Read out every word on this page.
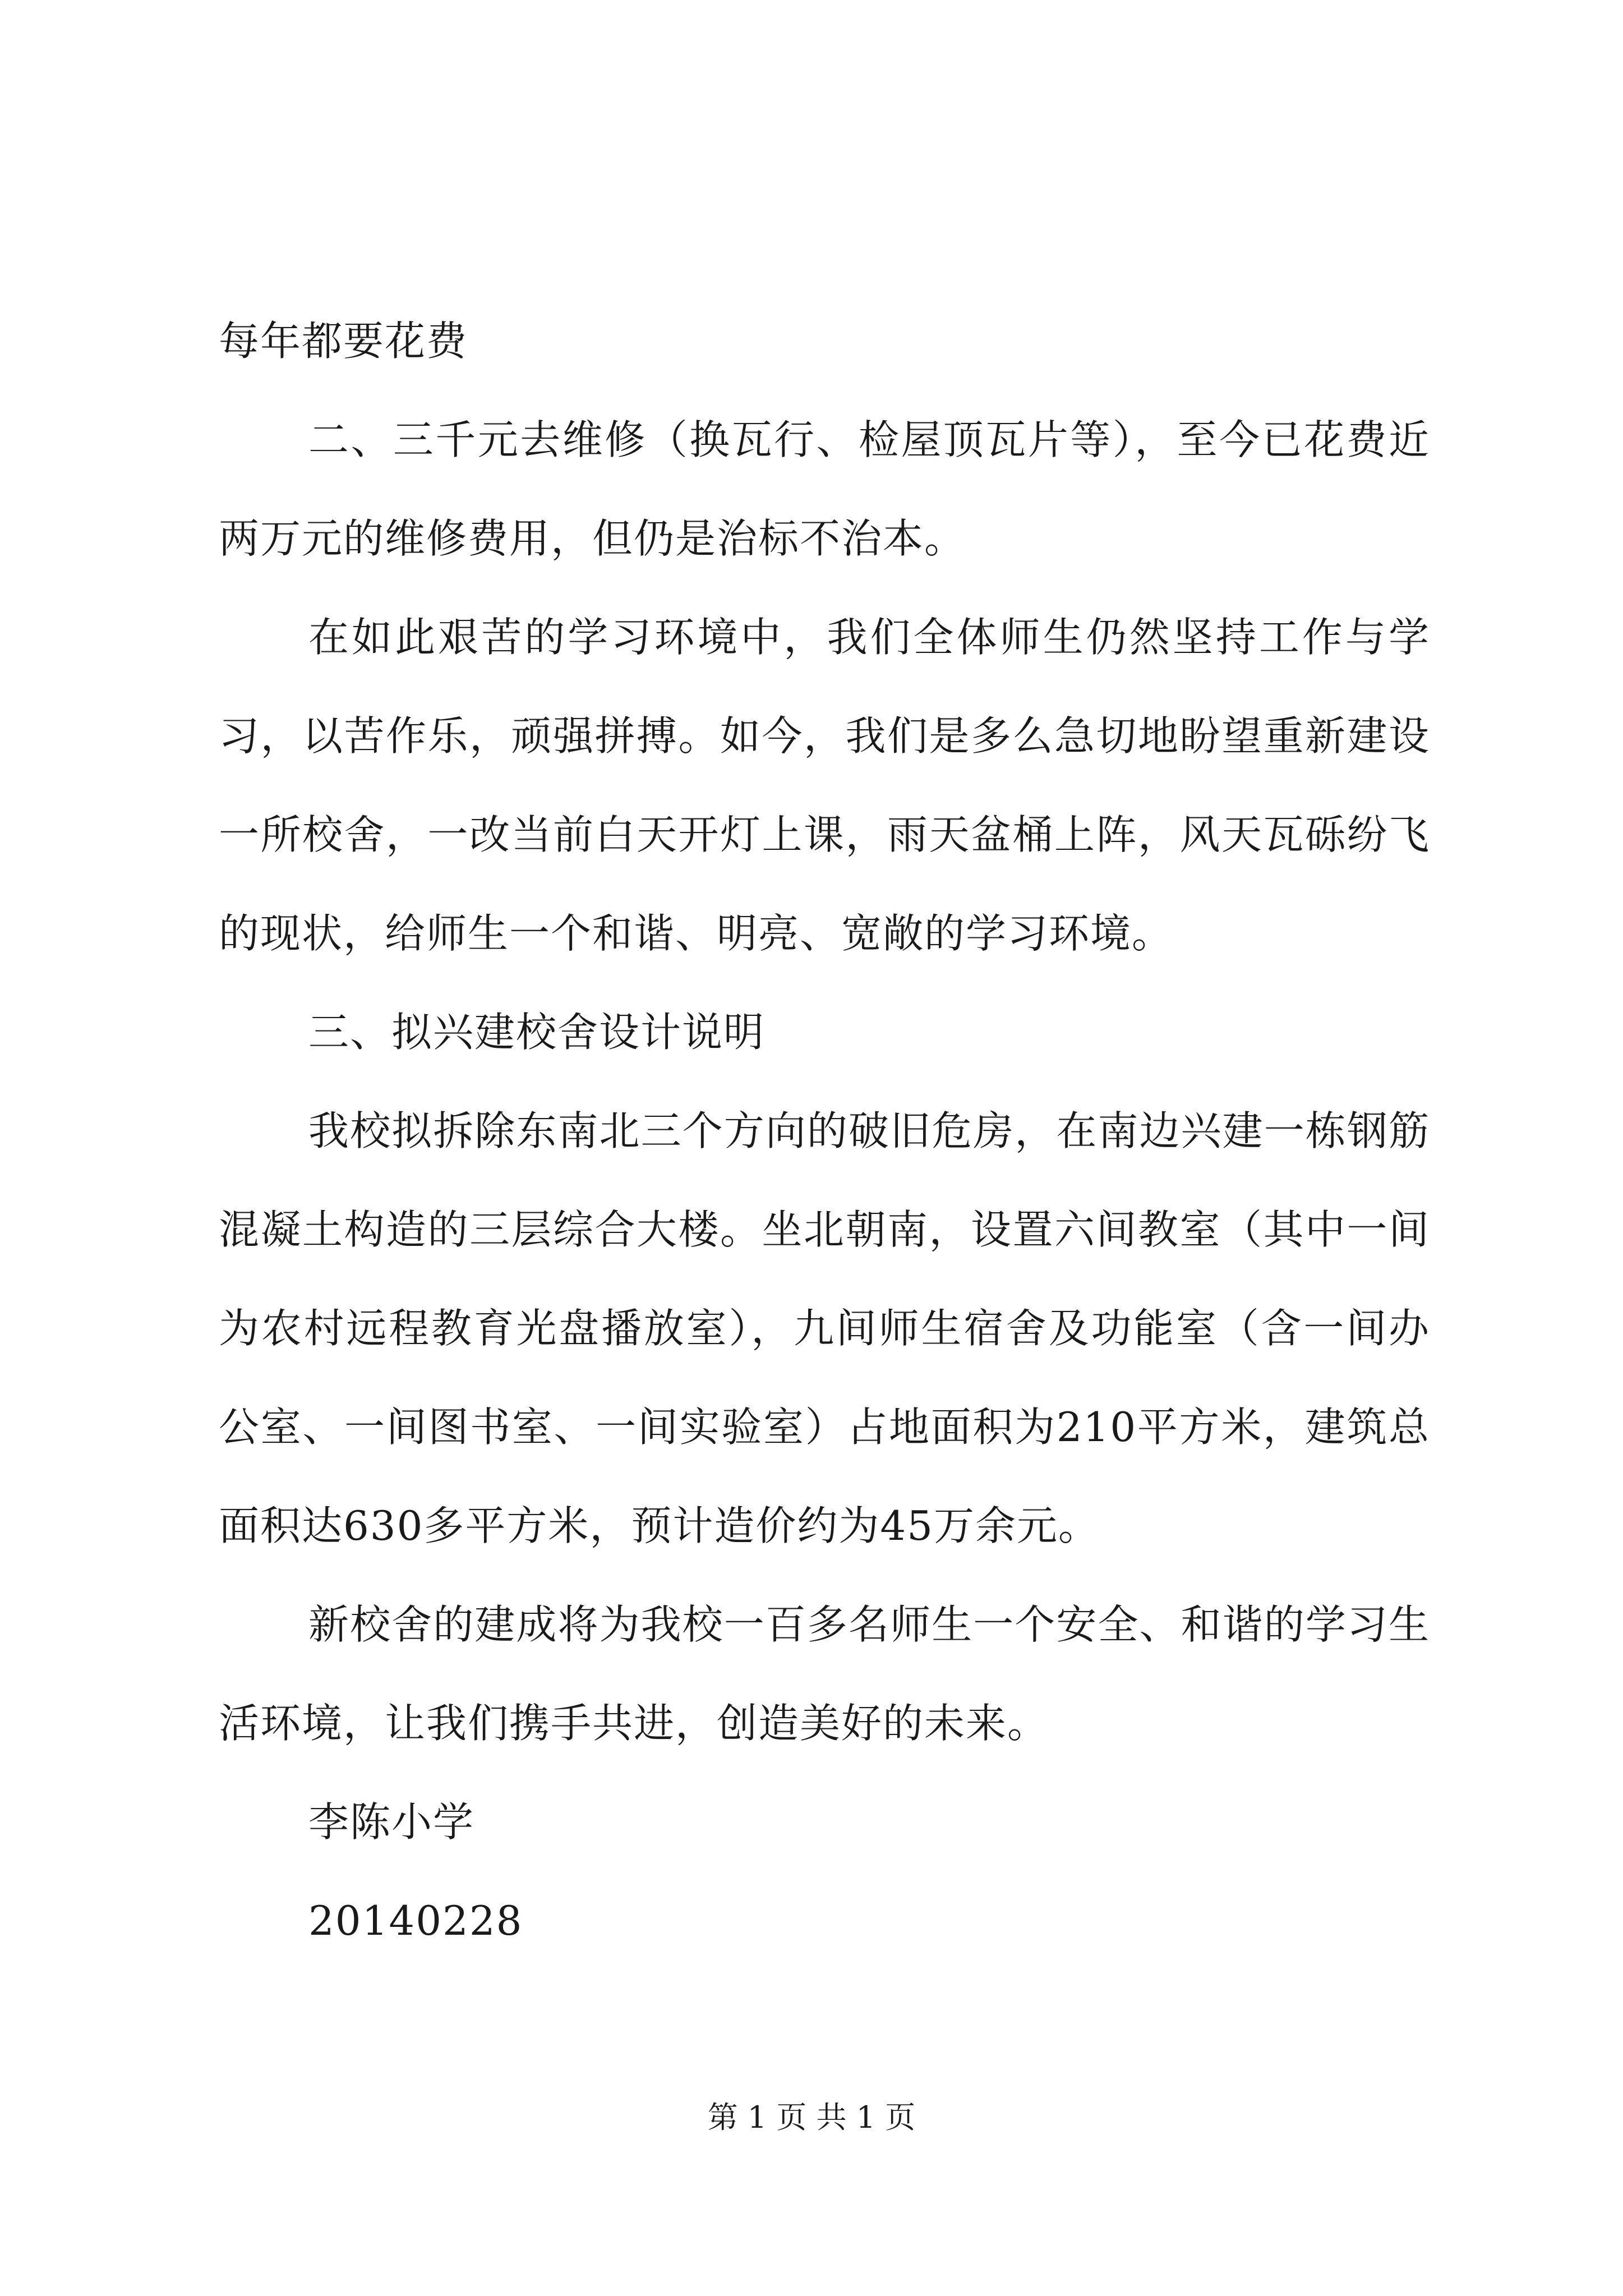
每年都要花费

二、三千元去维修（换瓦行、检屋顶瓦片等），至今已花费近两万元的维修费用，但仍是治标不治本。

在如此艰苦的学习环境中，我们全体师生仍然坚持工作与学习，以苦作乐，顽强拼搏。如今，我们是多么急切地盼望重新建设一所校舍，一改当前白天开灯上课，雨天盆桶上阵，风天瓦砾纷飞的现状，给师生一个和谐、明亮、宽敞的学习环境。

三、拟兴建校舍设计说明

我校拟拆除东南北三个方向的破旧危房，在南边兴建一栋钢筋混凝土构造的三层综合大楼。坐北朝南，设置六间教室（其中一间为农村远程教育光盘播放室），九间师生宿舍及功能室（含一间办公室、一间图书室、一间实验室）占地面积为210平方米，建筑总面积达630多平方米，预计造价约为45万余元。

新校舍的建成将为我校一百多名师生一个安全、和谐的学习生活环境，让我们携手共进，创造美好的未来。

李陈小学

20140228

第 1 页 共 1 页
